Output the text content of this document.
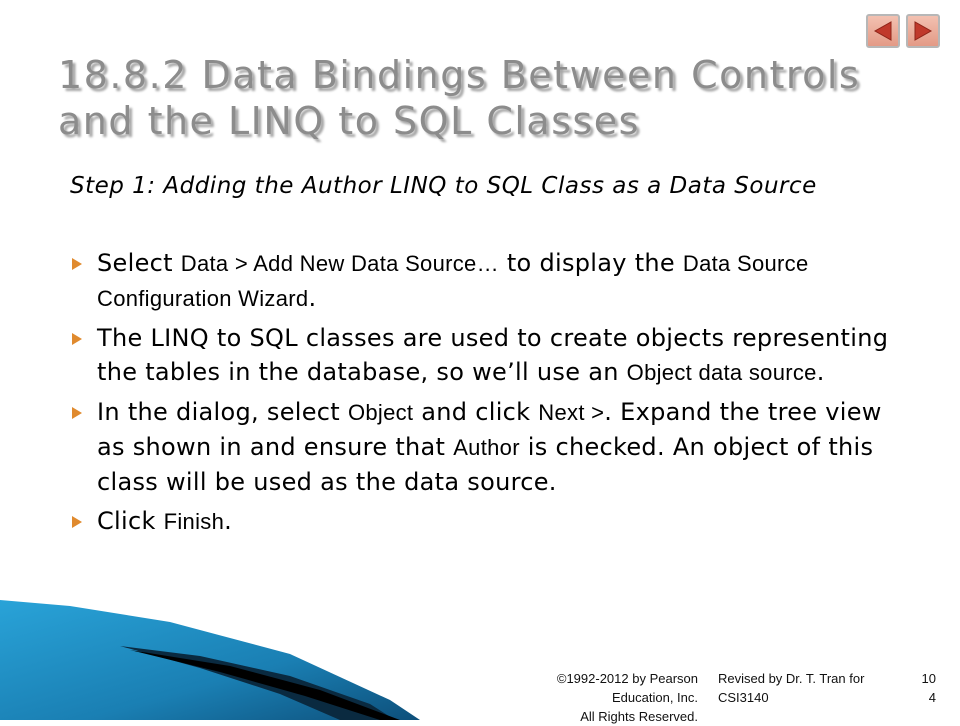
18.8.2 Data Bindings Between Controls
and the LINQ to SQL Classes
Step 1: Adding the Author LINQ to SQL Class as a Data Source
Select Data > Add New Data Source… to display the Data Source Configuration Wizard.
The LINQ to SQL classes are used to create objects representing the tables in the database, so we’ll use an Object data source.
In the dialog, select Object and click Next >. Expand the tree view as shown in and ensure that Author is checked. An object of this class will be used as the data source.
Click Finish.
©1992-2012 by Pearson Education, Inc.
All Rights Reserved.
Revised by Dr. T. Tran for
CSI3140
10
4
